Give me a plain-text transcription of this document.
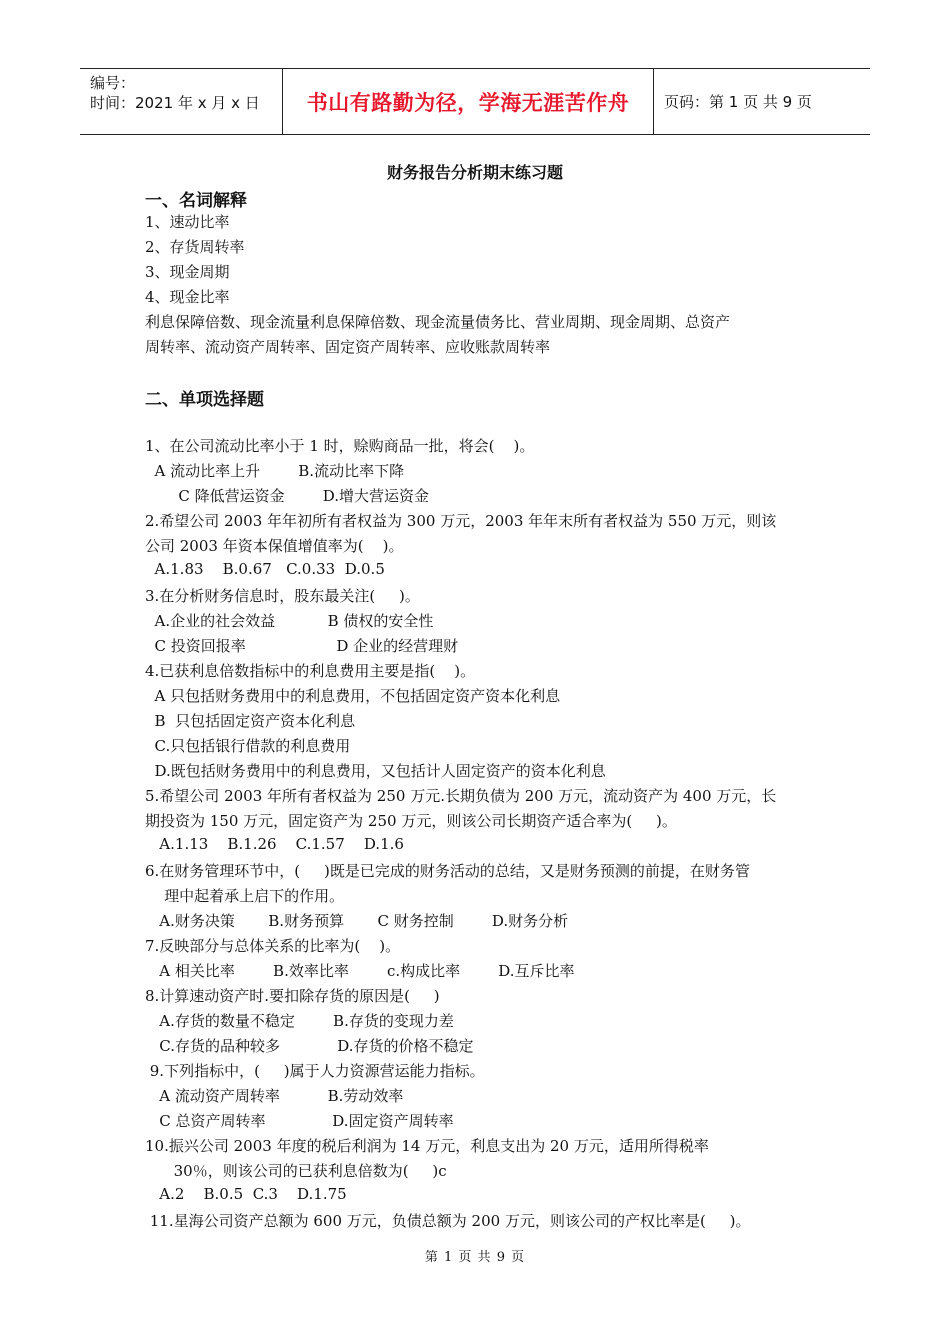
编号：
时间：2021 年 x 月 x 日	书山有路勤为径，学海无涯苦作舟 页码：第 1 页 共 9 页
财务报告分析期末练习题
一、名词解释
1、速动比率
2、存货周转率
3、现金周期
4、现金比率
利息保障倍数、现金流量利息保障倍数、现金流量债务比、营业周期、现金周期、总资产
周转率、流动资产周转率、固定资产周转率、应收账款周转率
二、单项选择题
1、在公司流动比率小于 1 时，赊购商品一批，将会(    )。
A 流动比率上升        B.流动比率下降
C 降低营运资金        D.增大营运资金
2.希望公司 2003 年年初所有者权益为 300 万元，2003 年年末所有者权益为 550 万元，则该
公司 2003 年资本保值增值率为(    )。
A.1.83    B.0.67   C.0.33  D.0.5
3.在分析财务信息时，股东最关注(     )。
A.企业的社会效益           B 债权的安全性
C 投资回报率                   D 企业的经营理财
4.已获利息倍数指标中的利息费用主要是指(    )。
A 只包括财务费用中的利息费用，不包括固定资产资本化利息
B  只包括固定资产资本化利息
C.只包括银行借款的利息费用
D.既包括财务费用中的利息费用，又包括计人固定资产的资本化利息
5.希望公司 2003 年所有者权益为 250 万元.长期负债为 200 万元，流动资产为 400 万元，长
期投资为 150 万元，固定资产为 250 万元，则该公司长期资产适合率为(     )。
A.1.13    B.1.26    C.1.57    D.1.6
6.在财务管理环节中，(     )既是已完成的财务活动的总结，又是财务预测的前提，在财务管
理中起着承上启下的作用。
A.财务决策       B.财务预算       C 财务控制        D.财务分析
7.反映部分与总体关系的比率为(    )。
A 相关比率        B.效率比率        c.构成比率        D.互斥比率
8.计算速动资产时.要扣除存货的原因是(     )
A.存货的数量不稳定        B.存货的变现力差
C.存货的品种较多            D.存货的价格不稳定
9.下列指标中，(     )属于人力资源营运能力指标。
A 流动资产周转率          B.劳动效率
C 总资产周转率              D.固定资产周转率
10.振兴公司 2003 年度的税后利润为 14 万元，利息支出为 20 万元，适用所得税率
30％，则该公司的已获利息倍数为(     )c
A.2    B.0.5  C.3    D.1.75
11.星海公司资产总额为 600 万元，负债总额为 200 万元，则该公司的产权比率是(     )。
第 1 页 共 9 页
